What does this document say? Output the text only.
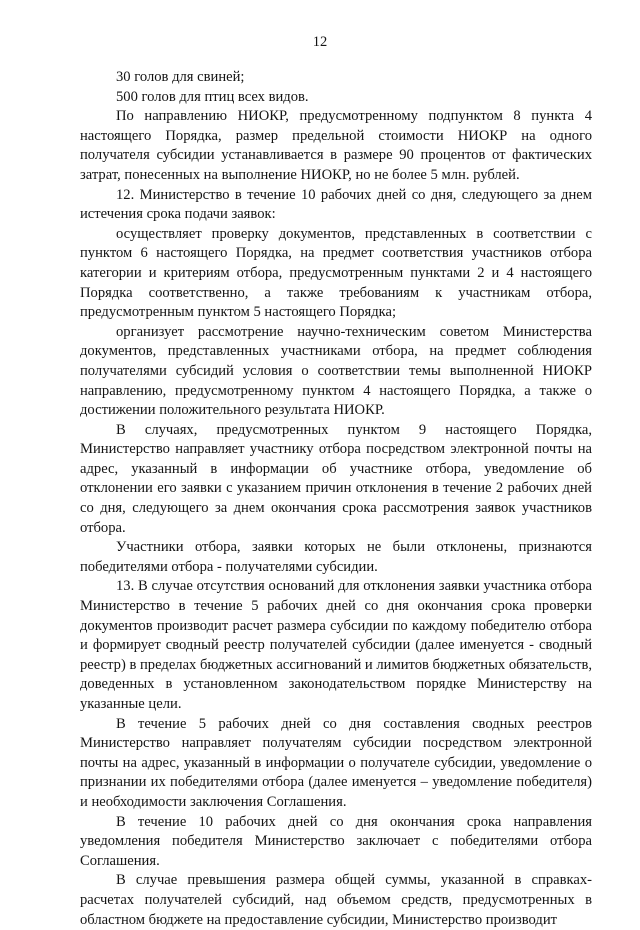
12

30 голов для свиней;

500 голов для птиц всех видов.

По направлению НИОКР, предусмотренному подпунктом 8 пункта 4 настоящего Порядка, размер предельной стоимости НИОКР на одного получателя субсидии устанавливается в размере 90 процентов от фактических затрат, понесенных на выполнение НИОКР, но не более 5 млн. рублей.

12. Министерство в течение 10 рабочих дней со дня, следующего за днем истечения срока подачи заявок:

осуществляет проверку документов, представленных в соответствии с пунктом 6 настоящего Порядка, на предмет соответствия участников отбора категории и критериям отбора, предусмотренным пунктами 2 и 4 настоящего Порядка соответственно, а также требованиям к участникам отбора, предусмотренным пунктом 5 настоящего Порядка;

организует рассмотрение научно-техническим советом Министерства документов, представленных участниками отбора, на предмет соблюдения получателями субсидий условия о соответствии темы выполненной НИОКР направлению, предусмотренному пунктом 4 настоящего Порядка, а также о достижении положительного результата НИОКР.

В случаях, предусмотренных пунктом 9 настоящего Порядка, Министерство направляет участнику отбора посредством электронной почты на адрес, указанный в информации об участнике отбора, уведомление об отклонении его заявки с указанием причин отклонения в течение 2 рабочих дней со дня, следующего за днем окончания срока рассмотрения заявок участников отбора.

Участники отбора, заявки которых не были отклонены, признаются победителями отбора - получателями субсидии.

13. В случае отсутствия оснований для отклонения заявки участника отбора Министерство в течение 5 рабочих дней со дня окончания срока проверки документов производит расчет размера субсидии по каждому победителю отбора и формирует сводный реестр получателей субсидии (далее именуется - сводный реестр) в пределах бюджетных ассигнований и лимитов бюджетных обязательств, доведенных в установленном законодательством порядке Министерству на указанные цели.

В течение 5 рабочих дней со дня составления сводных реестров Министерство направляет получателям субсидии посредством электронной почты на адрес, указанный в информации о получателе субсидии, уведомление о признании их победителями отбора (далее именуется – уведомление победителя) и необходимости заключения Соглашения.

В течение 10 рабочих дней со дня окончания срока направления уведомления победителя Министерство заключает с победителями отбора Соглашения.

В случае превышения размера общей суммы, указанной в справках-расчетах получателей субсидий, над объемом средств, предусмотренных в областном бюджете на предоставление субсидии, Министерство производит
